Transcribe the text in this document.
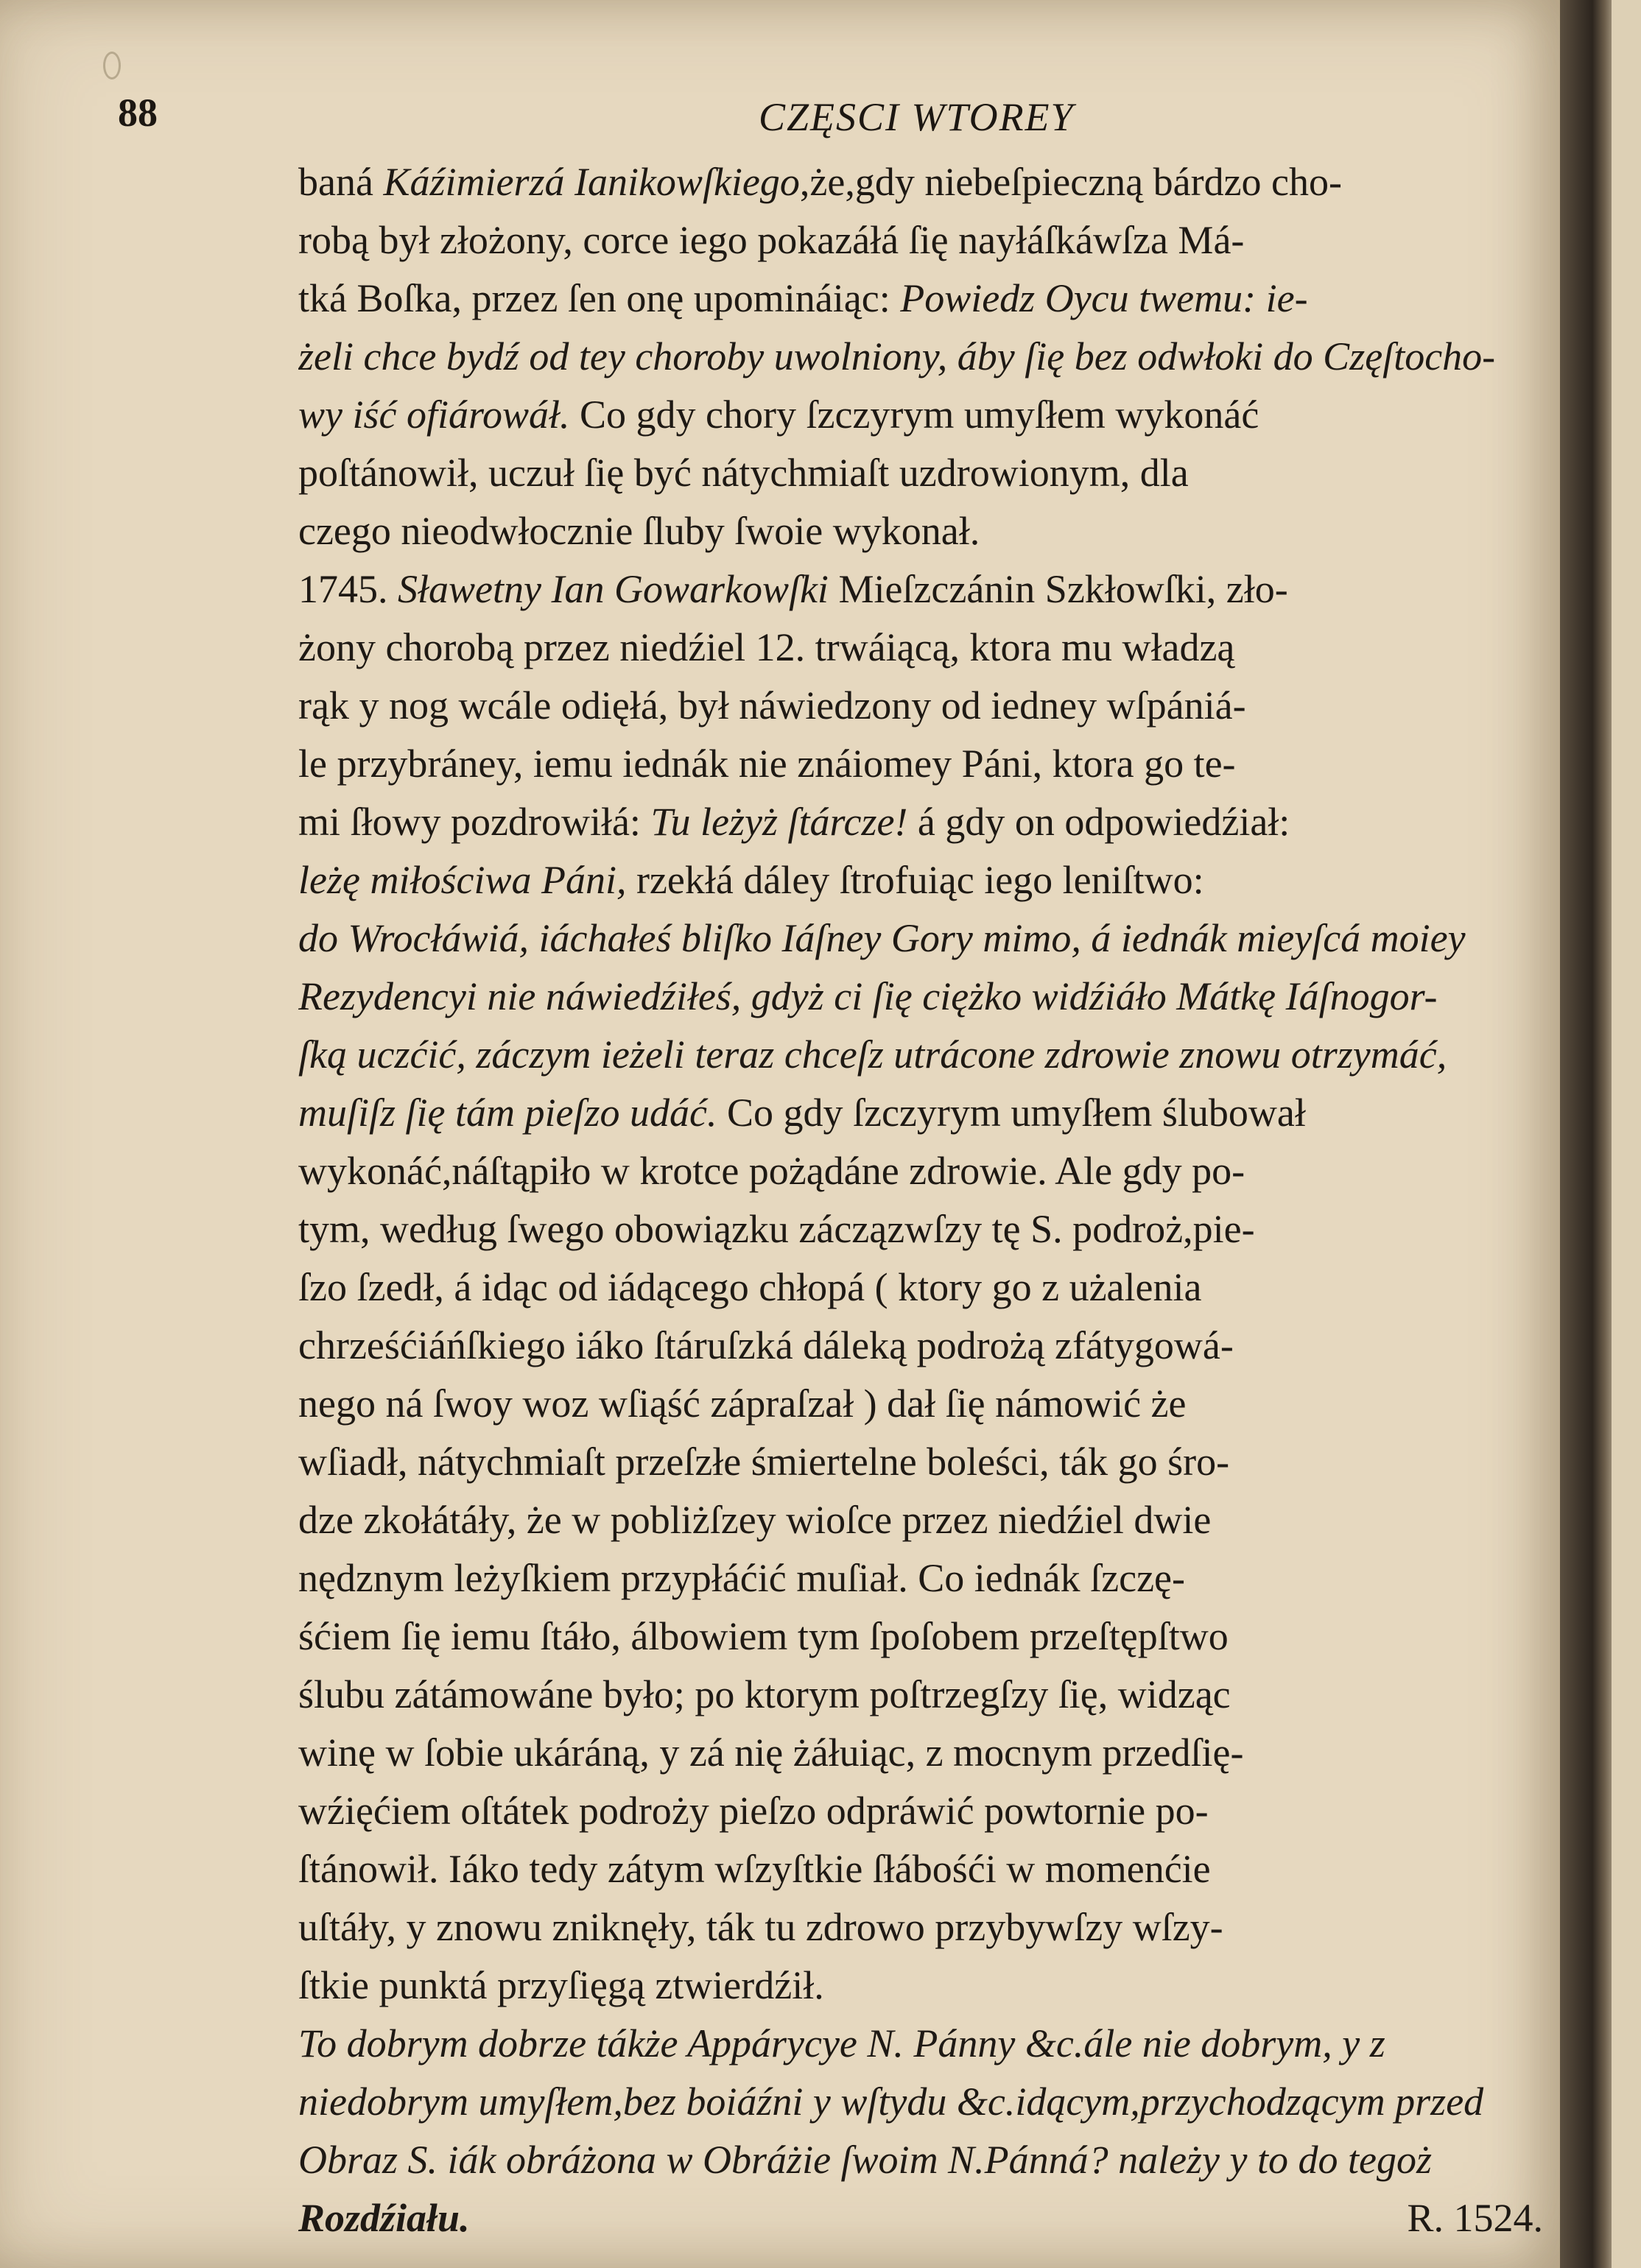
88	CZĘSCI WTOREY
baná Káźimierzá Ianikowſkiego,że,gdy niebeſpieczną bárdzo cho-
robą był złożony, corce iego pokazáłá ſię nayłáſkáwſza Má-
tká Boſka, przez ſen onę upomináiąc: Powiedz Oycu twemu: ie-
żeli chce bydź od tey choroby uwolniony, áby ſię bez odwłoki do Częſtocho-
wy iść ofiárowáł. Co gdy chory ſzczyrym umyſłem wykonáć
poſtánowił, uczuł ſię być nátychmiaſt uzdrowionym, dla
czego nieodwłocznie ſluby ſwoie wykonał.
1745. Sławetny Ian Gowarkowſki Mieſzczánin Szkłowſki, zło-
żony chorobą przez niedźiel 12. trwáiącą, ktora mu władzą
rąk y nog wcále odięłá, był náwiedzony od iedney wſpániá-
le przybráney, iemu iednák nie znáiomey Páni, ktora go te-
mi ſłowy pozdrowiłá: Tu leżyż ſtárcze! á gdy on odpowiedźiał:
leżę miłościwa Páni, rzekłá dáley ſtrofuiąc iego leniſtwo:
do Wrocłáwiá, iáchałeś bliſko Iáſney Gory mimo, á iednák mieyſcá moiey
Rezydencyi nie náwiedźiłeś, gdyż ci ſię ciężko widźiáło Mátkę Iáſnogor-
ſką uczćić, záczym ieżeli teraz chceſz utrácone zdrowie znowu otrzymáć,
muſiſz ſię tám pieſzo udáć. Co gdy ſzczyrym umyſłem ślubował
wykonáć,náſtąpiło w krotce pożądáne zdrowie. Ale gdy po-
tym, według ſwego obowiązku záczązwſzy tę S. podroż,pie-
ſzo ſzedł, á idąc od iádącego chłopá ( ktory go z użalenia
chrześćiáńſkiego iáko ſtáruſzká dáleką podrożą zfátygowá-
nego ná ſwoy woz wſiąść zápraſzał ) dał ſię námowić że
wſiadł, nátychmiaſt przeſzłe śmiertelne boleści, ták go śro-
dze zkołátáły, że w pobliżſzey wioſce przez niedźiel dwie
nędznym leżyſkiem przypłáćić muſiał. Co iednák ſzczę-
śćiem ſię iemu ſtáło, álbowiem tym ſpoſobem przeſtępſtwo
ślubu zátámowáne było; po ktorym poſtrzegſzy ſię, widząc
winę w ſobie ukáráną, y zá nię żáłuiąc, z mocnym przedſię-
wźięćiem oſtátek podroży pieſzo odpráwić powtornie po-
ſtánowił. Iáko tedy zátym wſzyſtkie ſłábośći w momenćie
uſtáły, y znowu zniknęły, ták tu zdrowo przybywſzy wſzy-
ſtkie punktá przyſięgą ztwierdźił.
To dobrym dobrze tákże Appárycye N. Pánny &c.ále nie dobrym, y z
niedobrym umyſłem,bez boiáźni y wſtydu &c.idącym,przychodzącym przed
Obraz S. iák obráżona w Obráżie ſwoim N.Pánná? należy y to do tegoż
Rozdźiału.	R. 1524.
